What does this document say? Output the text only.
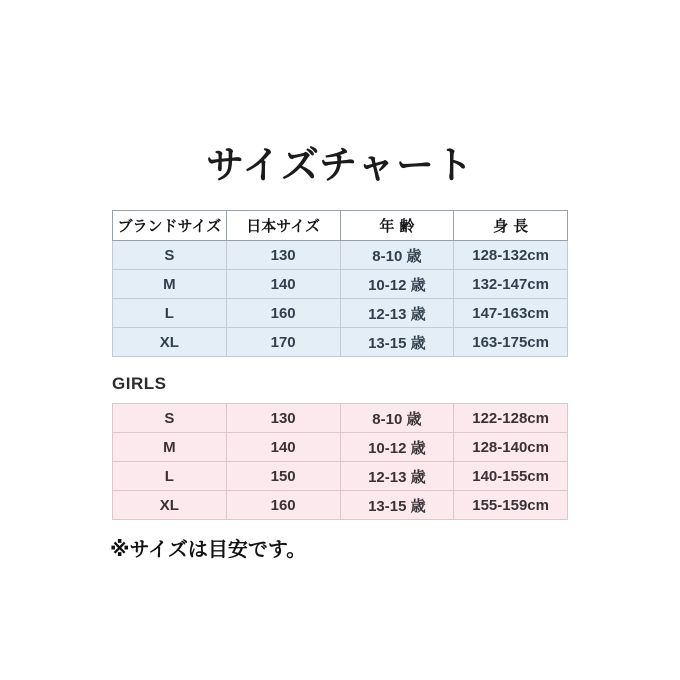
サイズチャート
ブランドサイズ	日本サイズ	年齢	身長
S	130	8-10 歳	128-132cm
M	140	10-12 歳	132-147cm
L	160	12-13 歳	147-163cm
XL	170	13-15 歳	163-175cm
GIRLS
S	130	8-10 歳	122-128cm
M	140	10-12 歳	128-140cm
L	150	12-13 歳	140-155cm
XL	160	13-15 歳	155-159cm

※サイズは目安です。
